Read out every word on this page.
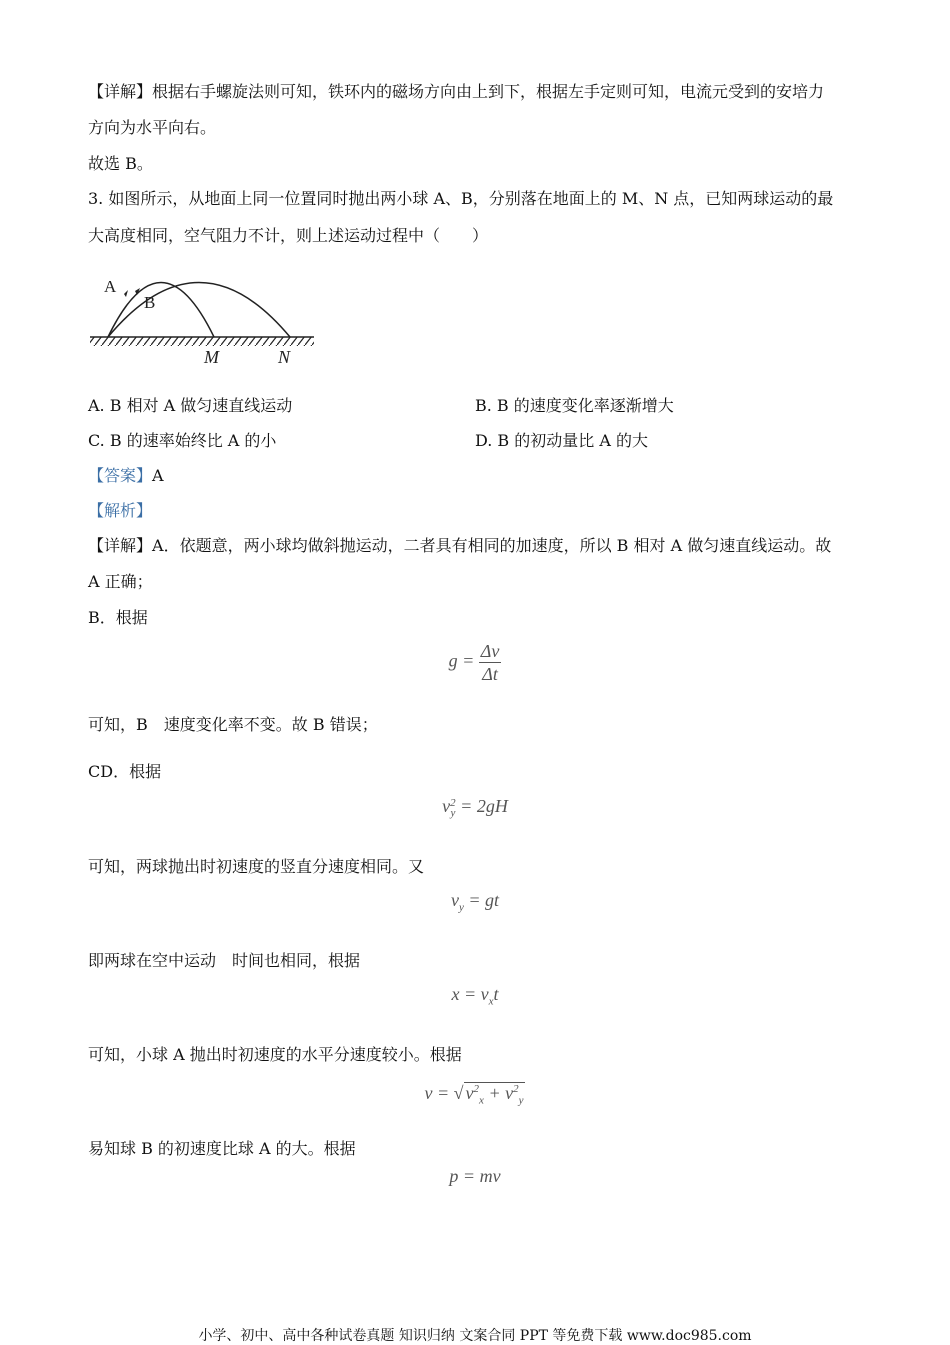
【详解】根据右手螺旋法则可知，铁环内的磁场方向由上到下，根据左手定则可知，电流元受到的安培力
方向为水平向右。
故选 B。
3. 如图所示，从地面上同一位置同时抛出两小球 A、B，分别落在地面上的 M、N 点，已知两球运动的最
大高度相同，空气阻力不计，则上述运动过程中（　　）
A
B
M	N
A. B 相对 A 做匀速直线运动	B. B 的速度变化率逐渐增大
C. B 的速率始终比 A 的小	D. B 的初动量比 A 的大
【答案】A
【解析】
【详解】A．依题意，两小球均做斜抛运动，二者具有相同的加速度，所以 B 相对 A 做匀速直线运动。故
A 正确；
B．根据
$g = \frac{\Delta v}{\Delta t}$
可知，B　速度变化率不变。故 B 错误；
CD．根据
v 2
y = 2gH
可知，两球抛出时初速度的竖直分速度相同。又
$v_y$ = gt
即两球在空中运动　时间也相同，根据
$x = v_xt$
可知，小球 A 抛出时初速度的水平分速度较小。根据
v = √ $v^2_x + v^2_y$
易知球 B 的初速度比球 A 的大。根据
p = mv
小学、初中、高中各种试卷真题 知识归纳 文案合同 PPT 等免费下载 www.doc985.com
